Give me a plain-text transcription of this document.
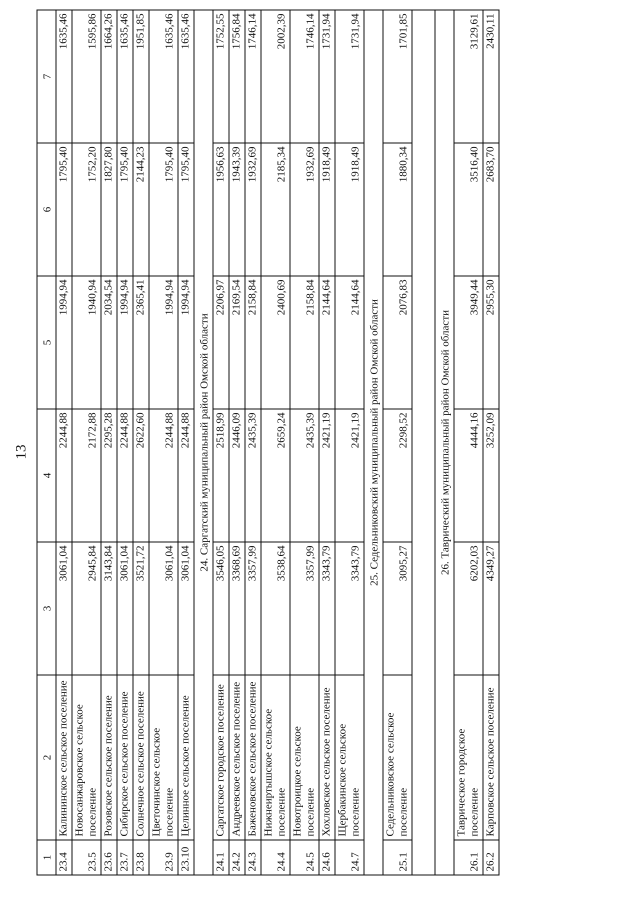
13
1	2	3	4	5	6	7
23.4	Калининское сельское поселение	3061,04	2244,88	1994,94	1795,40	1635,46
23.5	Новосанжаровское сельское поселение	2945,84	2172,88	1940,94	1752,20	1595,86
23.6	Розовское сельское поселение	3143,84	2295,28	2034,54	1827,80	1664,26
23.7	Сибирское сельское поселение	3061,04	2244,88	1994,94	1795,40	1635,46
23.8	Солнечное сельское поселение	3521,72	2622,60	2365,41	2144,23	1951,85
23.9	Цветочинское сельское поселение	3061,04	2244,88	1994,94	1795,40	1635,46
23.10	Целинное сельское поселение	3061,04	2244,88	1994,94	1795,40	1635,46
24. Саргатский муниципальный район Омской области						
24.1	Саргатское городское поселение	3546,05	2518,99	2206,97	1956,63	1752,55
24.2	Андреевское сельское поселение	3368,69	2446,09	2169,54	1943,39	1756,84
24.3	Баженовское сельское поселение	3357,99	2435,39	2158,84	1932,69	1746,14
24.4	Нижнеиртышское сельское поселение	3538,64	2659,24	2400,69	2185,34	2002,39
24.5	Новотроицкое сельское поселение	3357,99	2435,39	2158,84	1932,69	1746,14
24.6	Хохловское сельское поселение	3343,79	2421,19	2144,64	1918,49	1731,94
24.7	Щербакинское сельское поселение	3343,79	2421,19	2144,64	1918,49	1731,94
25. Седельниковский муниципальный район Омской области						
25.1	Седельниковское сельское поселение	3095,27	2298,52	2076,83	1880,34	1701,85

26. Таврический муниципальный район Омской области						
26.1	Таврическое городское поселение	6202,03	4444,16	3949,44	3516,40	3129,61
26.2	Карповское сельское поселение	4349,27	3252,09	2955,30	2683,70	2430,11
